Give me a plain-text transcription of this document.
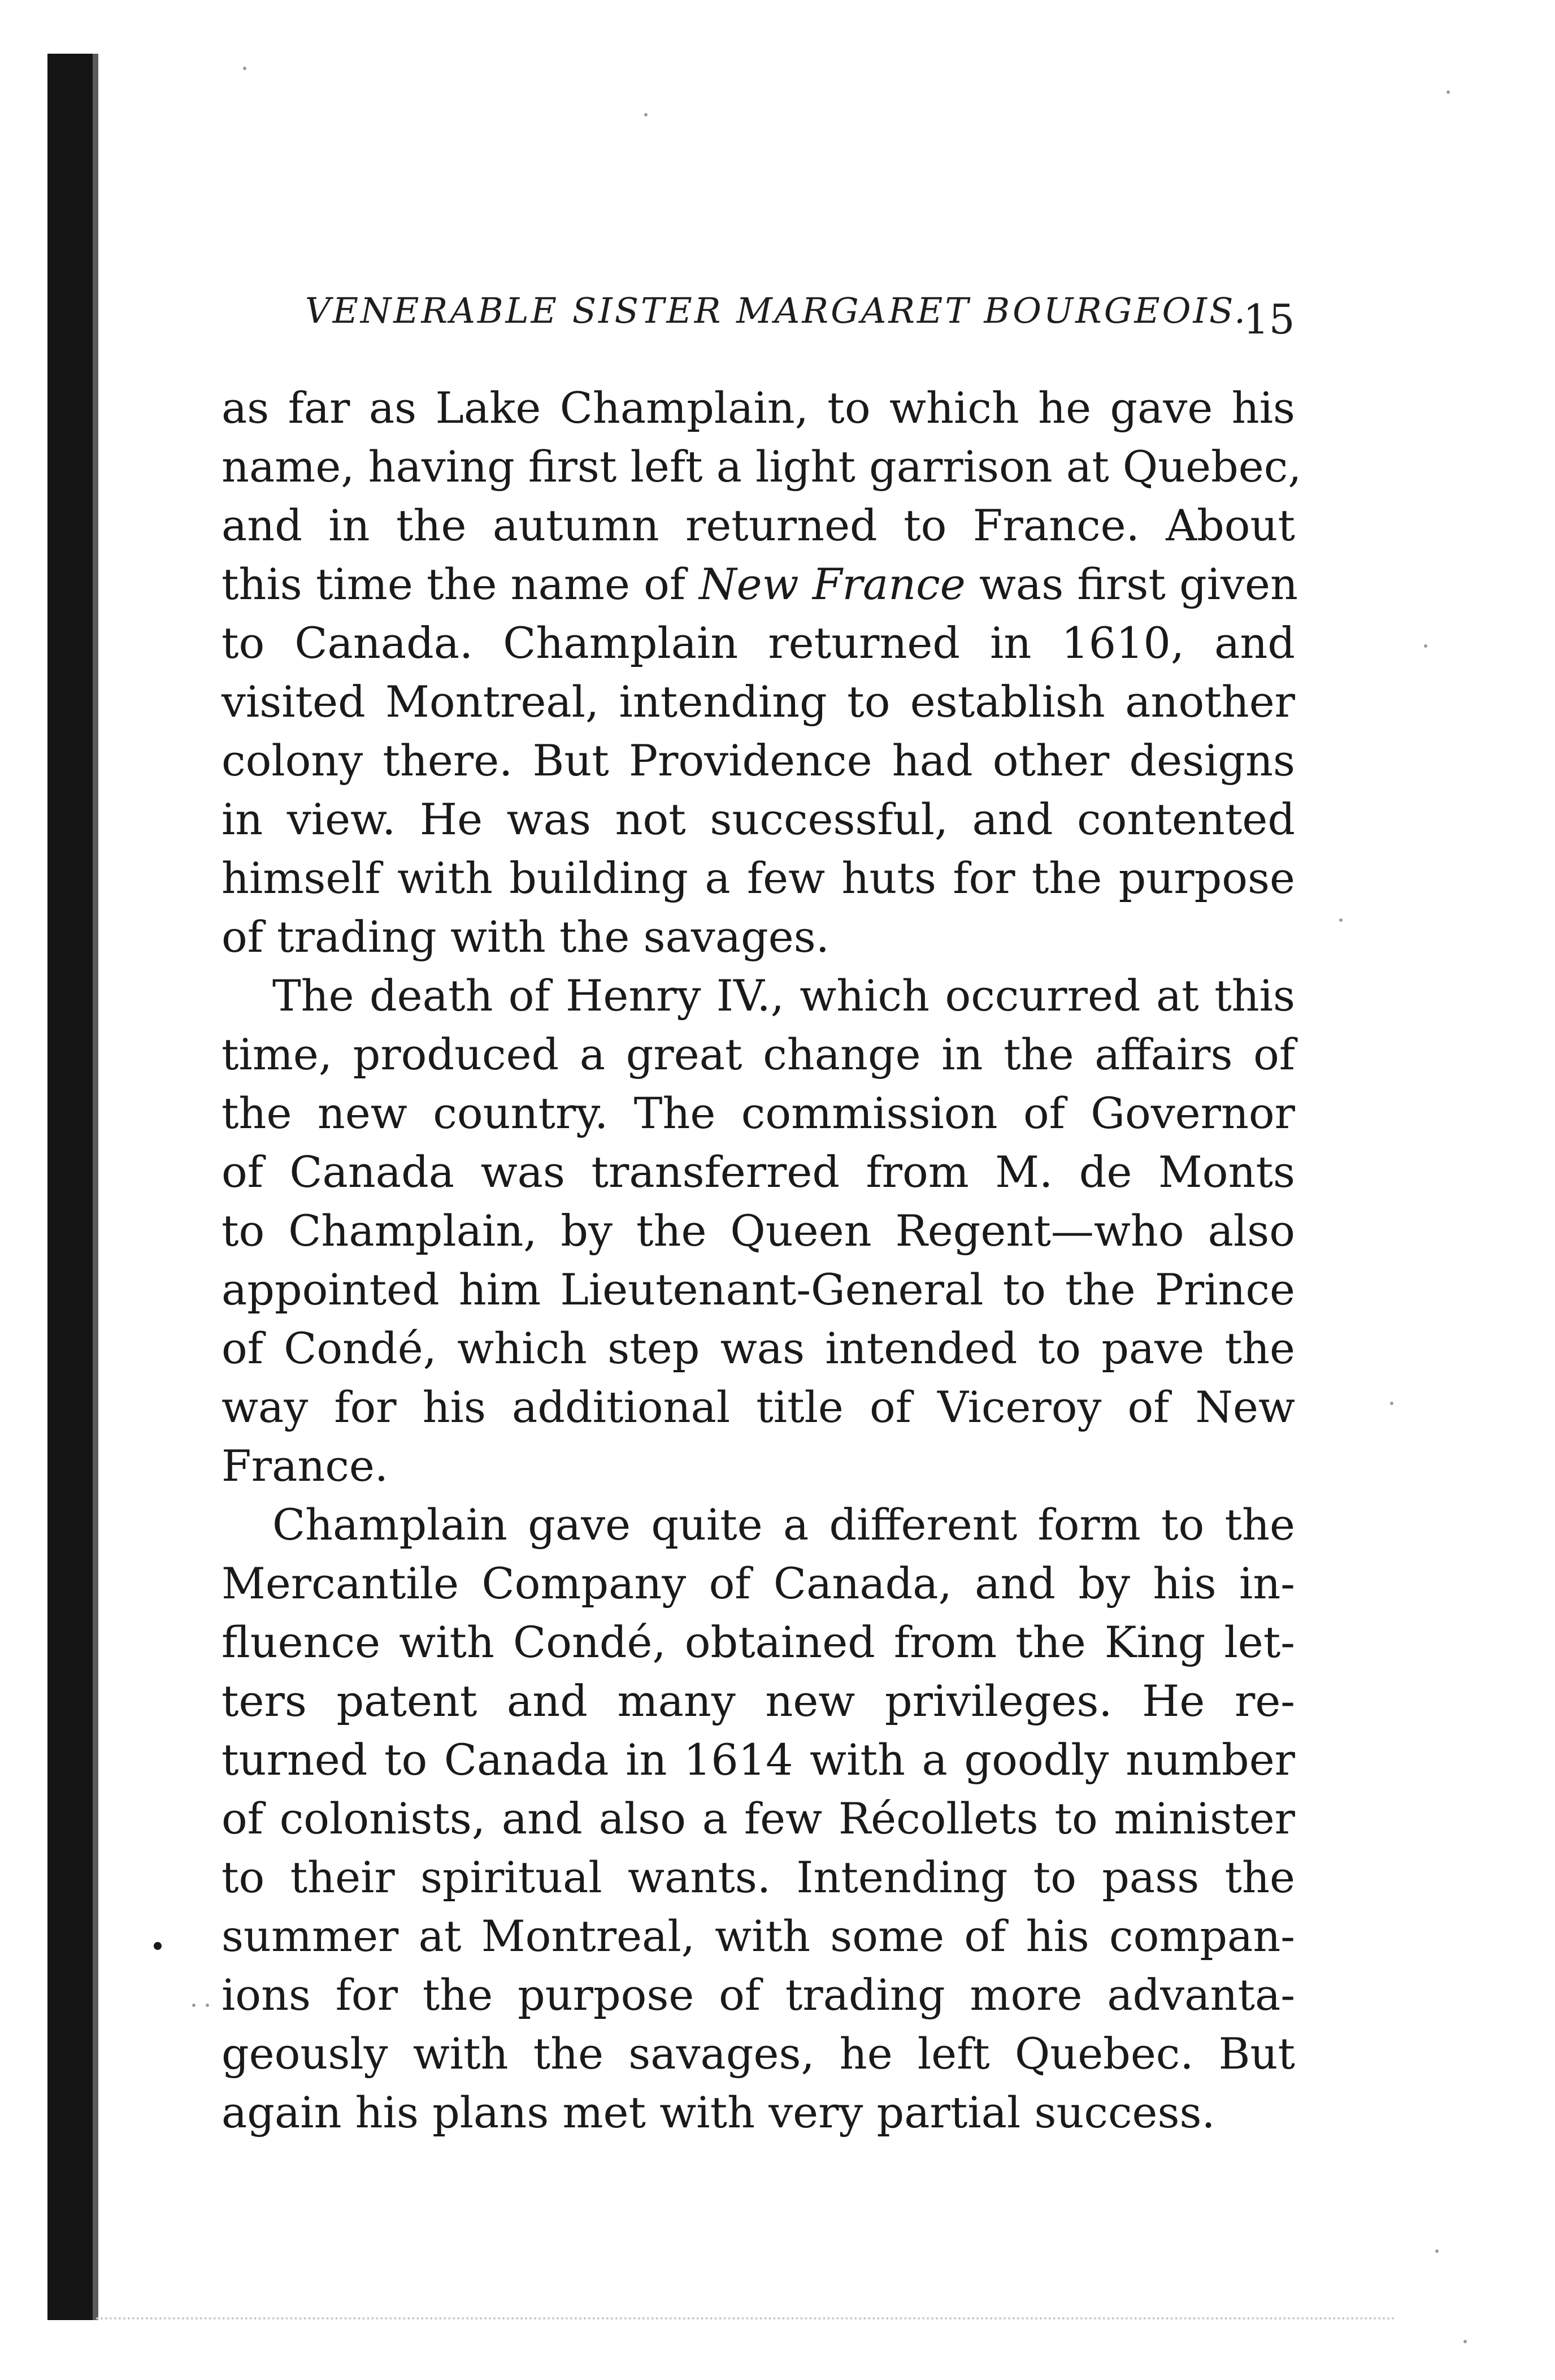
VENERABLE SISTER MARGARET BOURGEOIS.
15
as far as Lake Champlain, to which he gave his
name, having first left a light garrison at Quebec,
and in the autumn returned to France. About
this time the name of New France was first given
to Canada. Champlain returned in 1610, and
visited Montreal, intending to establish another
colony there. But Providence had other designs
in view. He was not successful, and contented
himself with building a few huts for the purpose
of trading with the savages.
The death of Henry IV., which occurred at this
time, produced a great change in the affairs of
the new country. The commission of Governor
of Canada was transferred from M. de Monts
to Champlain, by the Queen Regent—who also
appointed him Lieutenant-General to the Prince
of Condé, which step was intended to pave the
way for his additional title of Viceroy of New
France.
Champlain gave quite a different form to the
Mercantile Company of Canada, and by his in-
fluence with Condé, obtained from the King let-
ters patent and many new privileges. He re-
turned to Canada in 1614 with a goodly number
of colonists, and also a few Récollets to minister
to their spiritual wants. Intending to pass the
summer at Montreal, with some of his compan-
ions for the purpose of trading more advanta-
geously with the savages, he left Quebec. But
again his plans met with very partial success.
